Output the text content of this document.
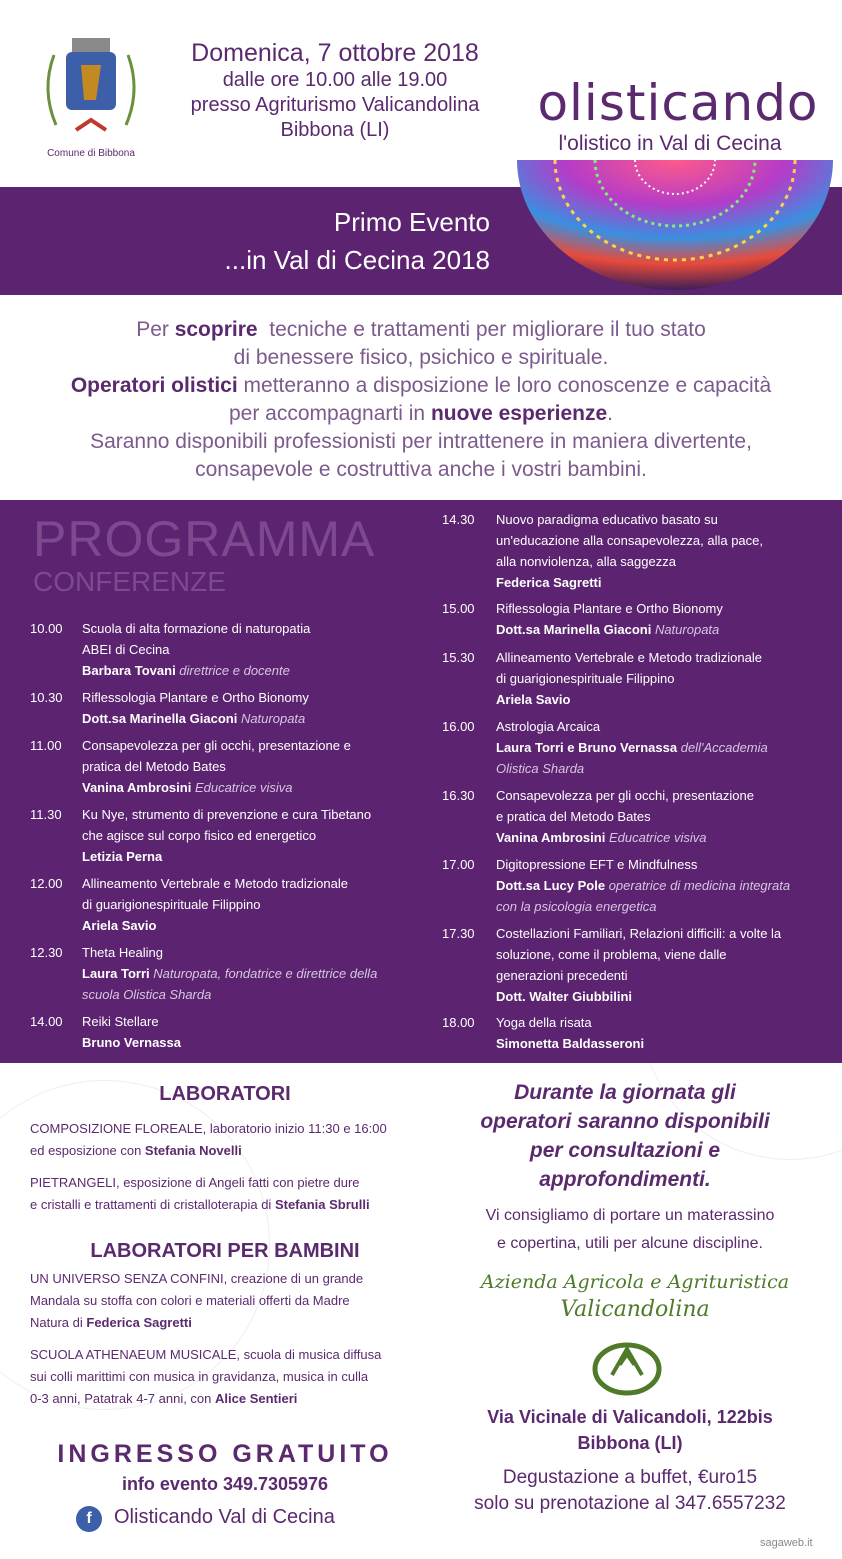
Comune di Bibbona
Domenica, 7 ottobre 2018
dalle ore 10.00 alle 19.00
presso Agriturismo Valicandolina
Bibbona (LI)
Primo Evento
...in Val di Cecina 2018
olisticando
l'olistico in Val di Cecina
Per scoprire  tecniche e trattamenti per migliorare il tuo stato
di benessere fisico, psichico e spirituale.
Operatori olistici metteranno a disposizione le loro conoscenze e capacità
per accompagnarti in nuove esperienze.
Saranno disponibili professionisti per intrattenere in maniera divertente,
consapevole e costruttiva anche i vostri bambini.
PROGRAMMA
CONFERENZE
10.00 Scuola di alta formazione di naturopatia
ABEI di Cecina
Barbara Tovani direttrice e docente
10.30 Riflessologia Plantare e Ortho Bionomy
Dott.sa Marinella Giaconi Naturopata
11.00 Consapevolezza per gli occhi, presentazione e
pratica del Metodo Bates
Vanina Ambrosini Educatrice visiva
11.30 Ku Nye, strumento di prevenzione e cura Tibetano
che agisce sul corpo fisico ed energetico
Letizia Perna
12.00 Allineamento Vertebrale e Metodo tradizionale
di guarigionespirituale Filippino
Ariela Savio
12.30 Theta Healing
Laura Torri Naturopata, fondatrice e direttrice della
scuola Olistica Sharda
14.00 Reiki Stellare
Bruno Vernassa
14.30 Nuovo paradigma educativo basato su
un'educazione alla consapevolezza, alla pace,
alla nonviolenza, alla saggezza
Federica Sagretti
15.00 Riflessologia Plantare e Ortho Bionomy
Dott.sa Marinella Giaconi Naturopata
15.30 Allineamento Vertebrale e Metodo tradizionale
di guarigionespirituale Filippino
Ariela Savio
16.00 Astrologia Arcaica
Laura Torri e Bruno Vernassa dell'Accademia
Olistica Sharda
16.30 Consapevolezza per gli occhi, presentazione
e pratica del Metodo Bates
Vanina Ambrosini Educatrice visiva
17.00 Digitopressione EFT e Mindfulness
Dott.sa Lucy Pole operatrice di medicina integrata
con la psicologia energetica
17.30 Costellazioni Familiari, Relazioni difficili: a volte la
soluzione, come il problema, viene dalle
generazioni precedenti
Dott. Walter Giubbilini
18.00 Yoga della risata
Simonetta Baldasseroni
LABORATORI
COMPOSIZIONE FLOREALE, laboratorio inizio 11:30 e 16:00
ed esposizione con Stefania Novelli
PIETRANGELI, esposizione di Angeli fatti con pietre dure
e cristalli e trattamenti di cristalloterapia di Stefania Sbrulli
LABORATORI PER BAMBINI
UN UNIVERSO SENZA CONFINI, creazione di un grande
Mandala su stoffa con colori e materiali offerti da Madre
Natura di Federica Sagretti
SCUOLA ATHENAEUM MUSICALE, scuola di musica diffusa
sui colli marittimi con musica in gravidanza, musica in culla
0-3 anni, Patatrak 4-7 anni, con Alice Sentieri
INGRESSO GRATUITO
info evento 349.7305976
f	Olisticando Val di Cecina
Durante la giornata gli
operatori saranno disponibili
per consultazioni e
approfondimenti.
Vi consigliamo di portare un materassino
e copertina, utili per alcune discipline.
Azienda Agricola e Agrituristica
Valicandolina
Via Vicinale di Valicandoli, 122bis
Bibbona (LI)
Degustazione a buffet, €uro15
solo su prenotazione al 347.6557232
sagaweb.it
